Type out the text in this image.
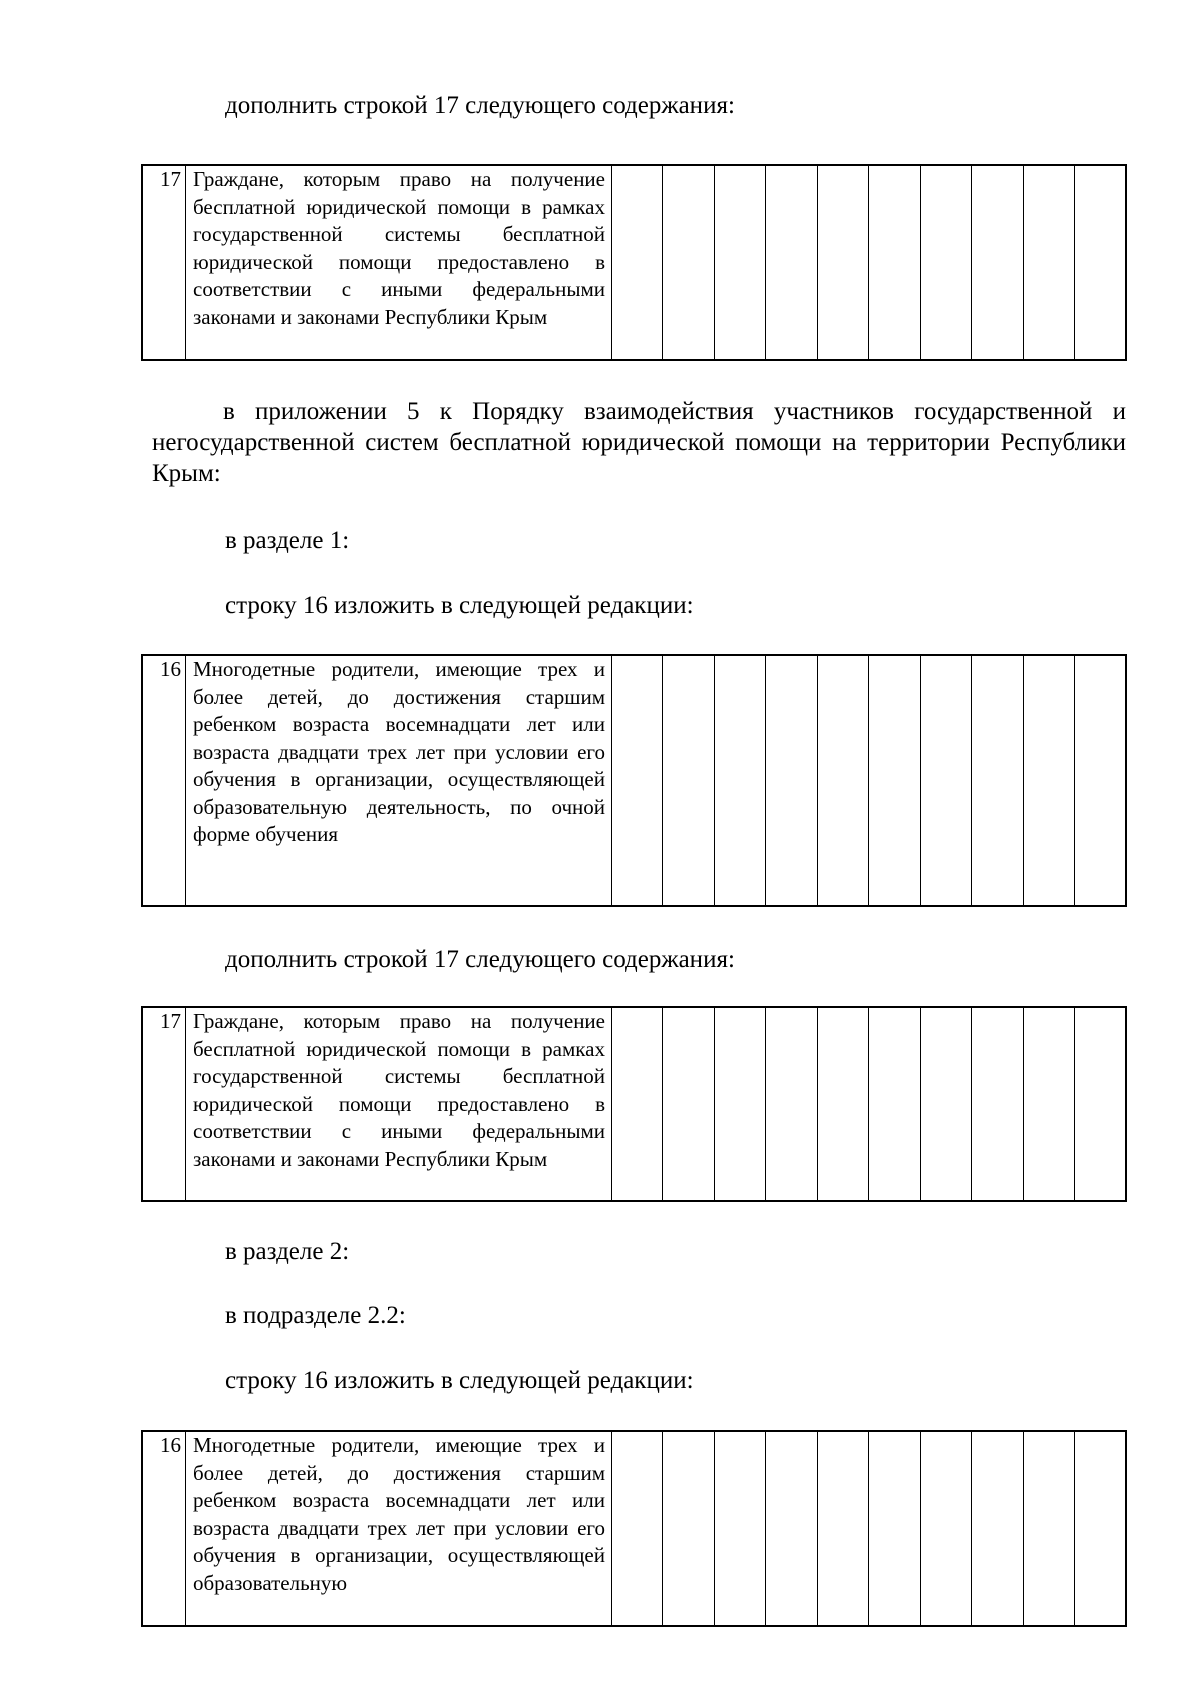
дополнить строкой 17 следующего содержания:

17	Граждане, которым право на получение бесплатной юридической помощи в рамках государственной системы бесплатной юридической помощи предоставлено в соответствии с иными федеральными законами и законами Республики Крым										

в приложении 5 к Порядку взаимодействия участников государственной и негосударственной систем бесплатной юридической помощи на территории Республики Крым:

в разделе 1:

строку 16 изложить в следующей редакции:

16	Многодетные родители, имеющие трех и более детей, до достижения старшим ребенком возраста восемнадцати лет или возраста двадцати трех лет при условии его обучения в организации, осуществляющей образовательную деятельность, по очной форме обучения										

дополнить строкой 17 следующего содержания:

17	Граждане, которым право на получение бесплатной юридической помощи в рамках государственной системы бесплатной юридической помощи предоставлено в соответствии с иными федеральными законами и законами Республики Крым										

в разделе 2:

в подразделе 2.2:

строку 16 изложить в следующей редакции:

16	Многодетные родители, имеющие трех и более детей, до достижения старшим ребенком возраста восемнадцати лет или возраста двадцати трех лет при условии его обучения в организации, осуществляющей образовательную										
